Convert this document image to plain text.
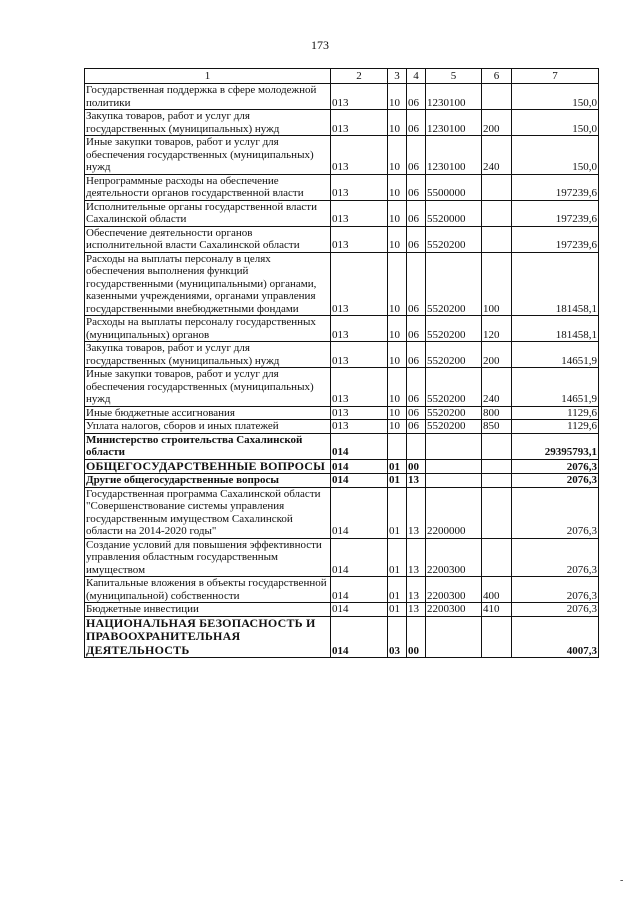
173
1	2	3	4	5	6	7
Государственная поддержка в сфере молодежной политики	013	10	06	1230100		150,0
Закупка товаров, работ и услуг для государственных (муниципальных) нужд	013	10	06	1230100	200	150,0
Иные закупки товаров, работ и услуг для обеспечения государственных (муниципальных) нужд	013	10	06	1230100	240	150,0
Непрограммные расходы на обеспечение деятельности органов государственной власти	013	10	06	5500000		197239,6
Исполнительные органы государственной власти Сахалинской области	013	10	06	5520000		197239,6
Обеспечение деятельности органов исполнительной власти Сахалинской области	013	10	06	5520200		197239,6
Расходы на выплаты персоналу в целях обеспечения выполнения функций государственными (муниципальными) органами, казенными учреждениями, органами управления государственными внебюджетными фондами	013	10	06	5520200	100	181458,1
Расходы на выплаты персоналу государственных (муниципальных) органов	013	10	06	5520200	120	181458,1
Закупка товаров, работ и услуг для государственных (муниципальных) нужд	013	10	06	5520200	200	14651,9
Иные закупки товаров, работ и услуг для обеспечения государственных (муниципальных) нужд	013	10	06	5520200	240	14651,9
Иные бюджетные ассигнования	013	10	06	5520200	800	1129,6
Уплата налогов, сборов и иных платежей	013	10	06	5520200	850	1129,6
Министерство строительства Сахалинской области	014					29395793,1
ОБЩЕГОСУДАРСТВЕННЫЕ ВОПРОСЫ	014	01	00			2076,3
Другие общегосударственные вопросы	014	01	13			2076,3
Государственная программа Сахалинской области "Совершенствование системы управления государственным имуществом Сахалинской области на 2014-2020 годы"	014	01	13	2200000		2076,3
Создание условий для повышения эффективности управления областным государственным имуществом	014	01	13	2200300		2076,3
Капитальные вложения в объекты государственной (муниципальной) собственности	014	01	13	2200300	400	2076,3
Бюджетные инвестиции	014	01	13	2200300	410	2076,3
НАЦИОНАЛЬНАЯ БЕЗОПАСНОСТЬ И ПРАВООХРАНИТЕЛЬНАЯ ДЕЯТЕЛЬНОСТЬ	014	03	00			4007,3
-
